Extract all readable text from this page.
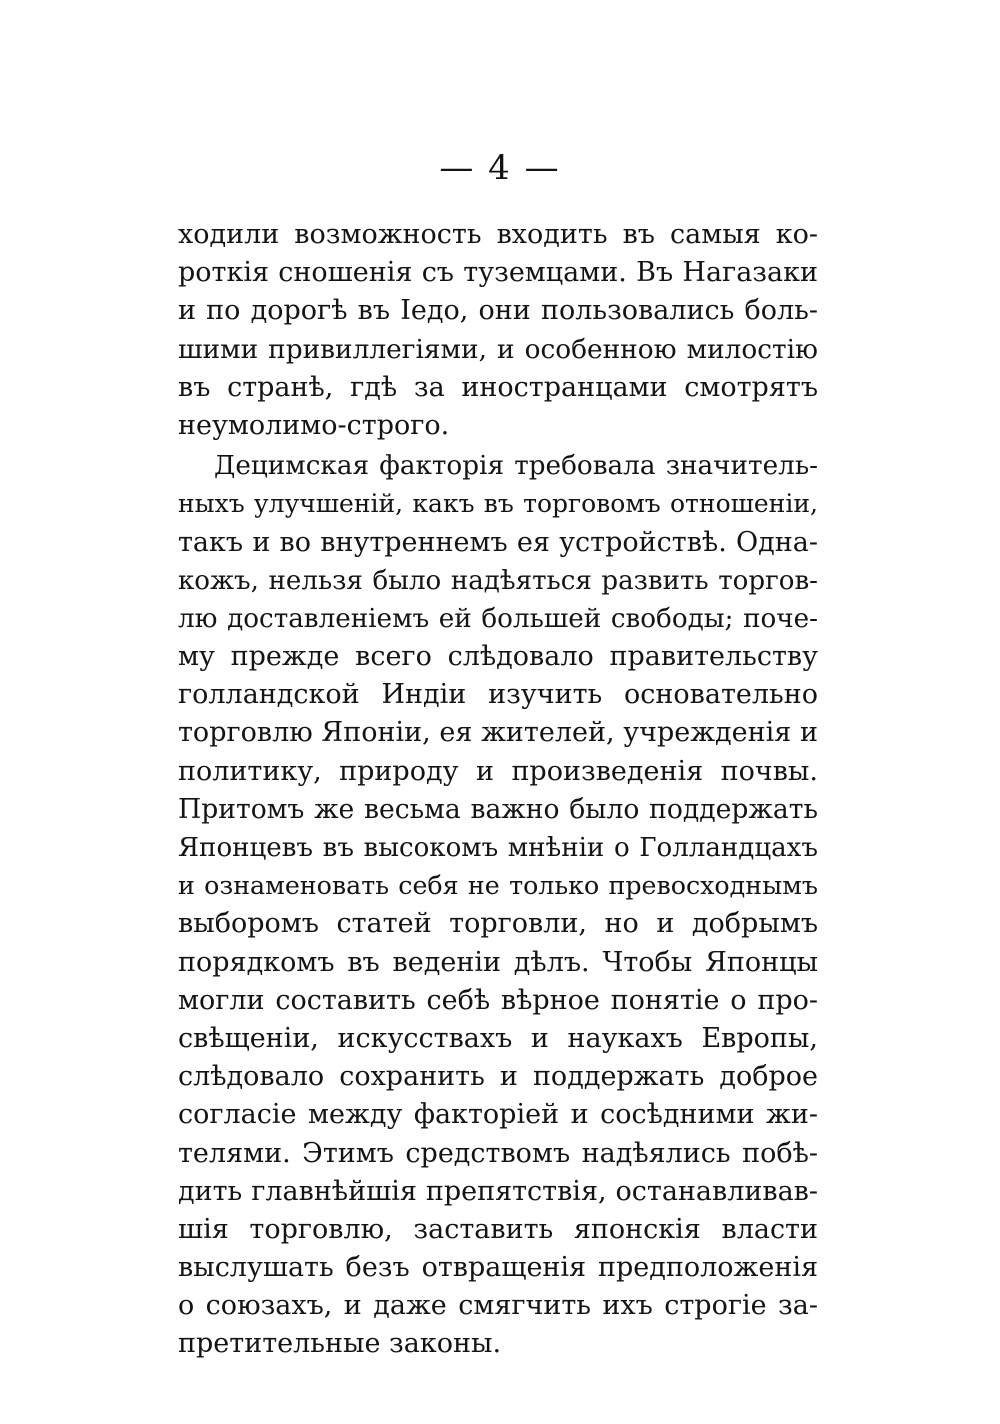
— 4 —
ходили возможность входить въ самыя ко-
роткія сношенія съ туземцами. Въ Нагазаки
и по дорогѣ въ Іедо, они пользовались боль-
шими привиллегіями, и особенною милостію
въ странѣ, гдѣ за иностранцами смотрятъ
неумолимо-строго.
Децимская факторія требовала значитель-
ныхъ улучшеній, какъ въ торговомъ отношеніи,
такъ и во внутреннемъ ея устройствѣ. Одна-
кожъ, нельзя было надѣяться развить торгов-
лю доставленіемъ ей большей свободы; поче-
му прежде всего слѣдовало правительству
голландской Индіи изучить основательно
торговлю Японіи, ея жителей, учрежденія и
политику, природу и произведенія почвы.
Притомъ же весьма важно было поддержать
Японцевъ въ высокомъ мнѣніи о Голландцахъ
и ознаменовать себя не только превосходнымъ
выборомъ статей торговли, но и добрымъ
порядкомъ въ веденіи дѣлъ. Чтобы Японцы
могли составить себѣ вѣрное понятіе о про-
свѣщеніи, искусствахъ и наукахъ Европы,
слѣдовало сохранить и поддержать доброе
согласіе между факторіей и сосѣдними жи-
телями. Этимъ средствомъ надѣялись побѣ-
дить главнѣйшія препятствія, останавливав-
шія торговлю, заставить японскія власти
выслушать безъ отвращенія предположенія
о союзахъ, и даже смягчить ихъ строгіе за-
претительные законы.
